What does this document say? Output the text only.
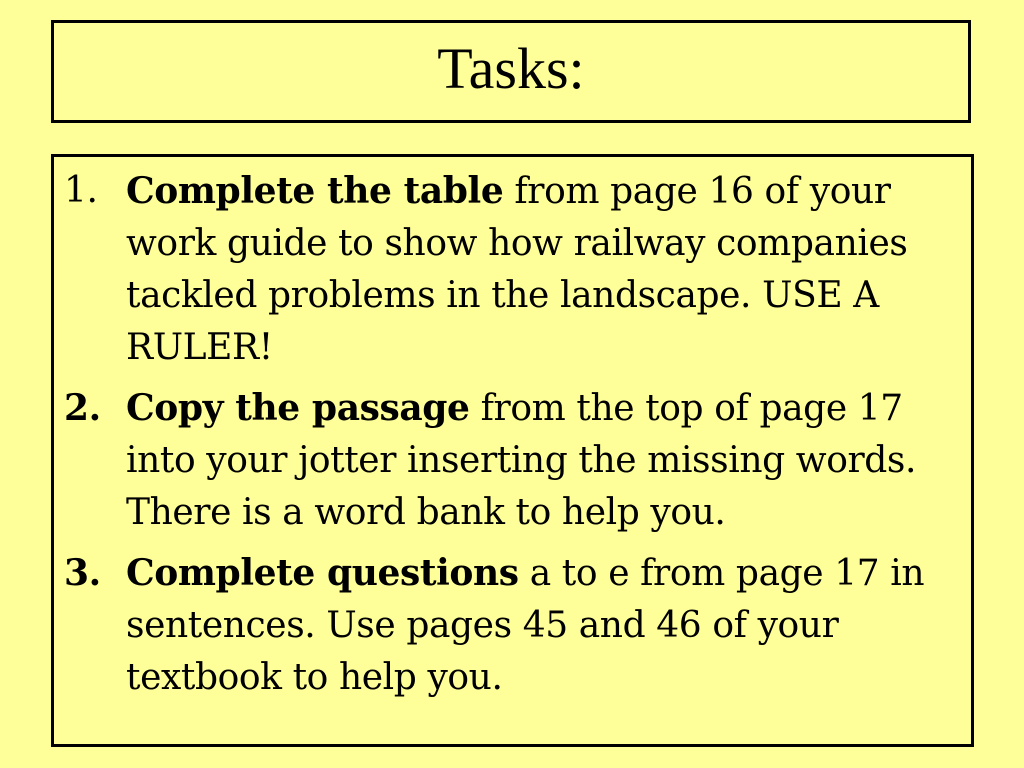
Tasks:
1. Complete the table from page 16 of your work guide to show how railway companies tackled problems in the landscape. USE A RULER!
2. Copy the passage from the top of page 17 into your jotter inserting the missing words. There is a word bank to help you.
3. Complete questions a to e from page 17 in sentences. Use pages 45 and 46 of your textbook to help you.
